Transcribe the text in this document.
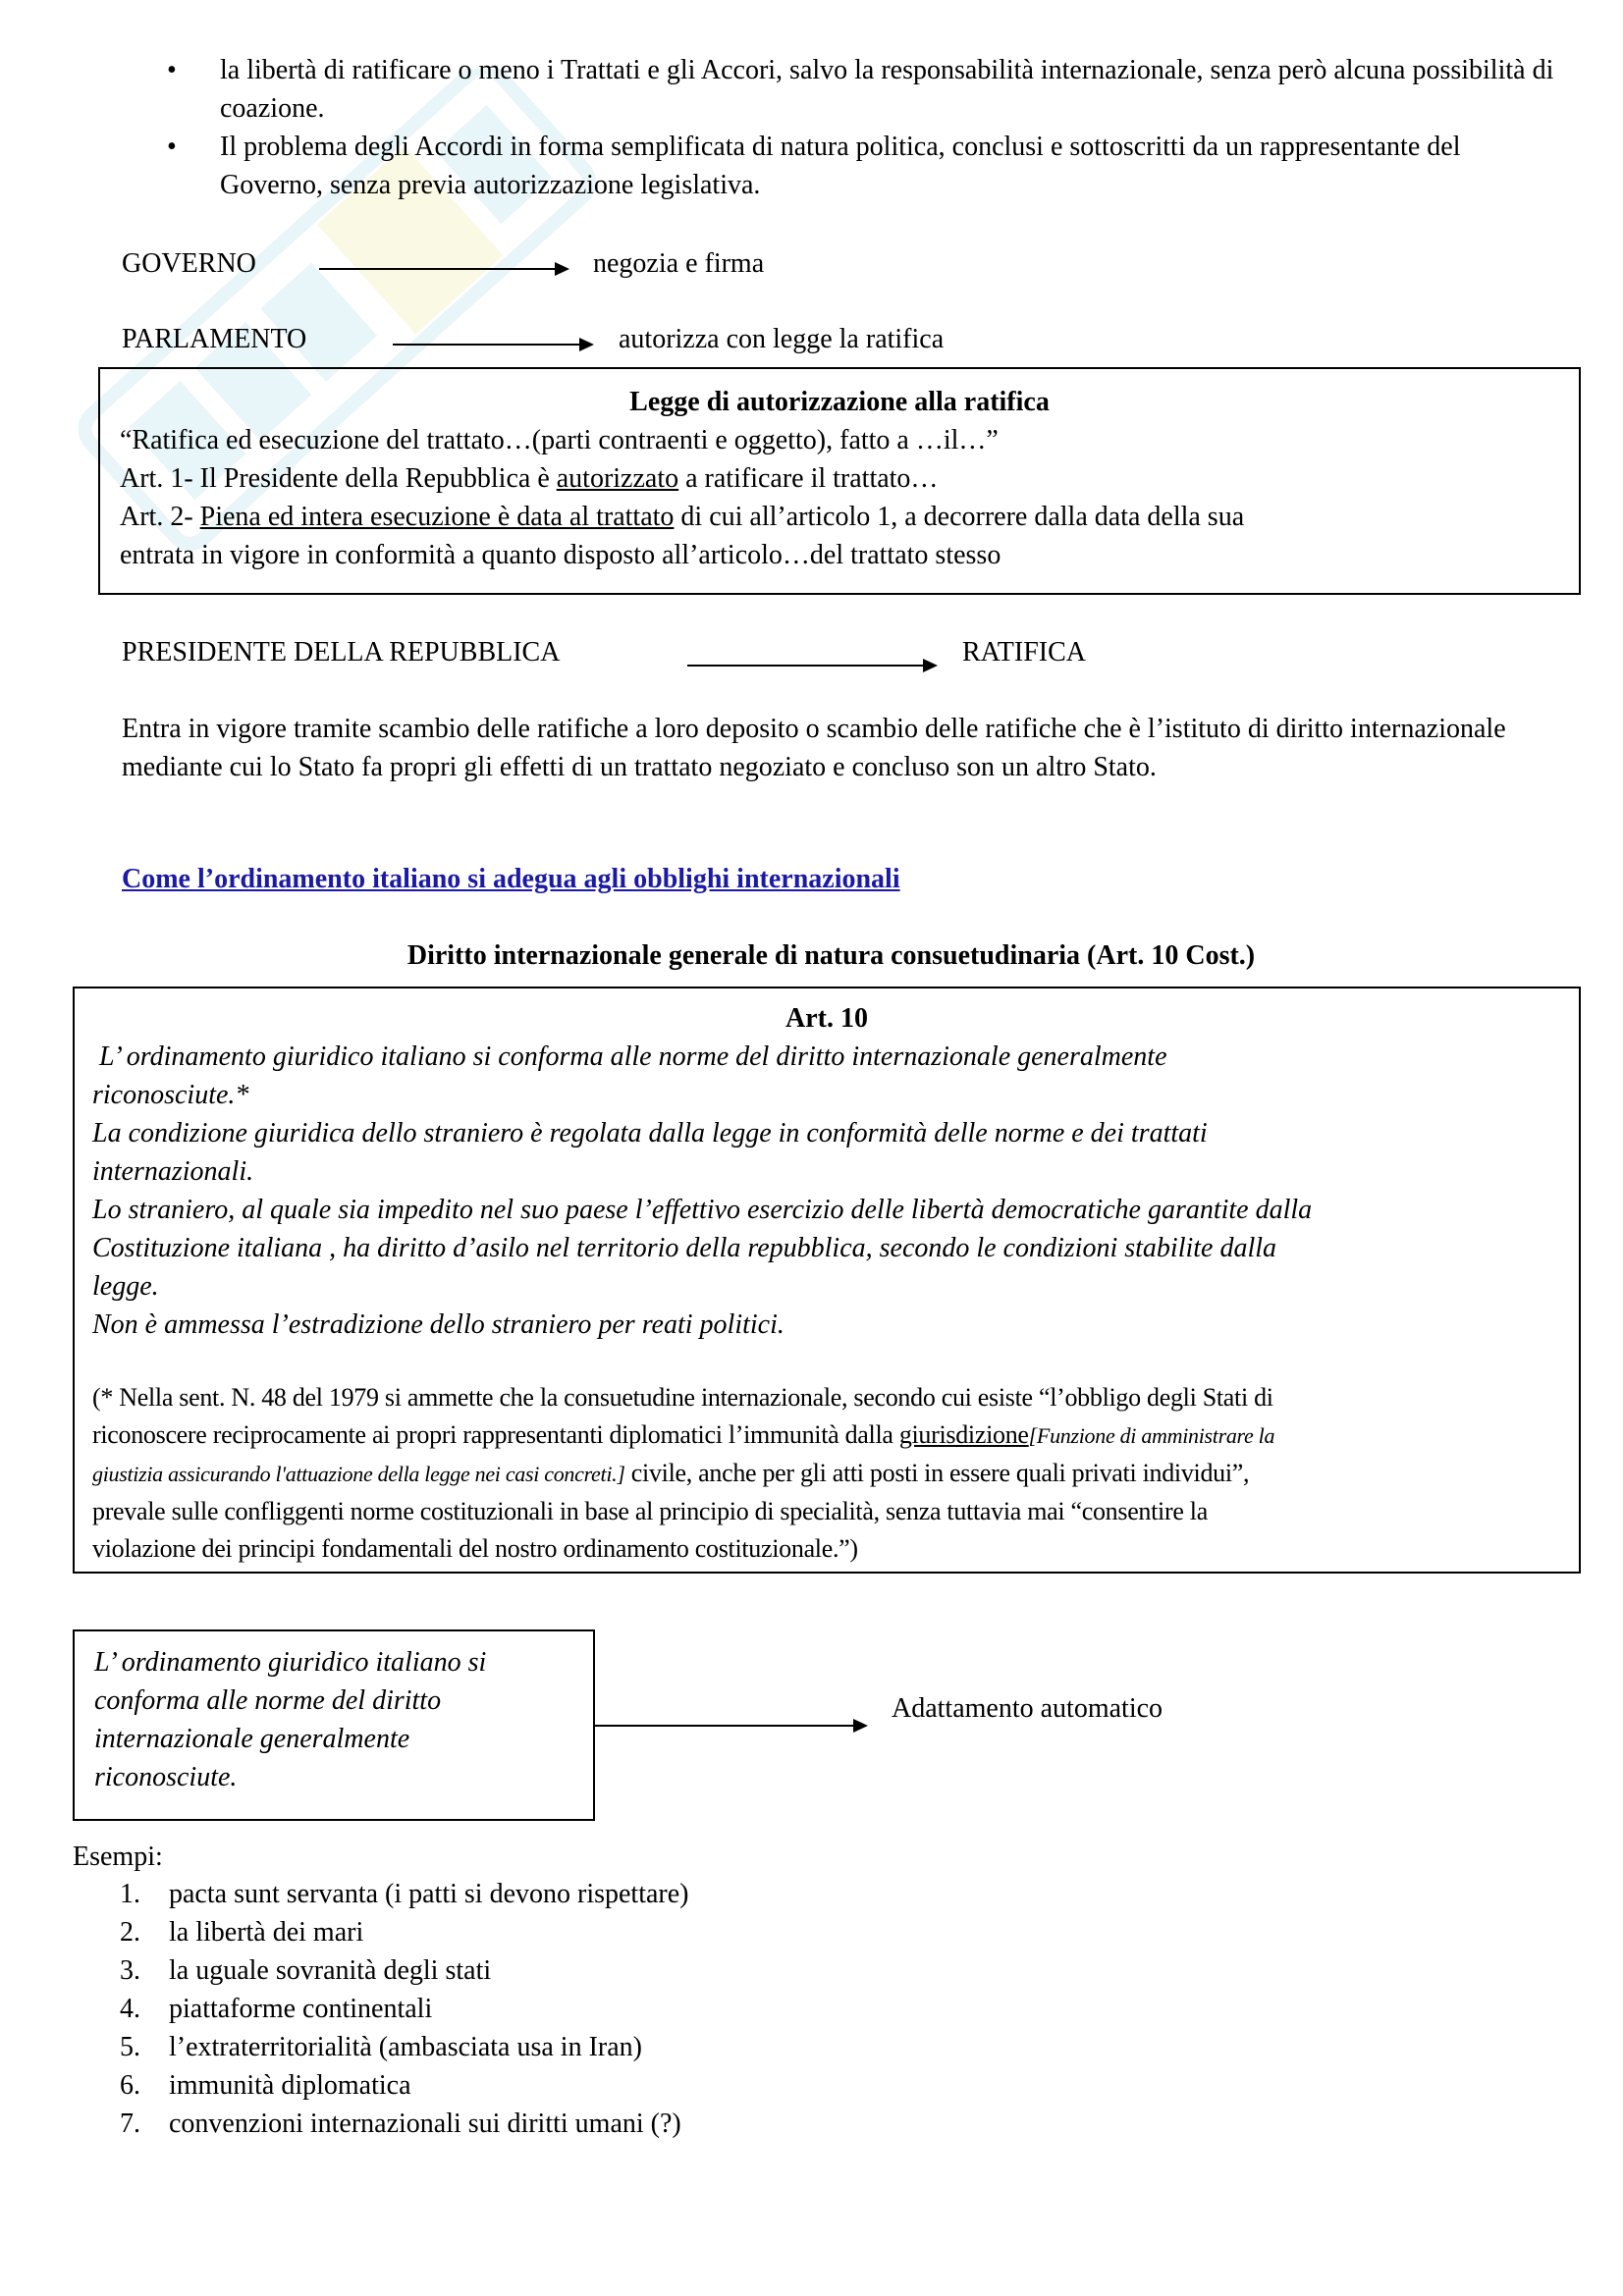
• la libertà di ratificare o meno i Trattati e gli Accori, salvo la responsabilità internazionale, senza però alcuna possibilità di coazione.
• Il problema degli Accordi in forma semplificata di natura politica, conclusi e sottoscritti da un rappresentante del Governo, senza previa autorizzazione legislativa.
GOVERNO	negozia e firma
PARLAMENTO	autorizza con legge la ratifica
Legge di autorizzazione alla ratifica
“Ratifica ed esecuzione del trattato…(parti contraenti e oggetto), fatto a …il…”
Art. 1- Il Presidente della Repubblica è autorizzato a ratificare il trattato…
Art. 2- Piena ed intera esecuzione è data al trattato di cui all’articolo 1, a decorrere dalla data della sua
entrata in vigore in conformità a quanto disposto all’articolo…del trattato stesso
PRESIDENTE DELLA REPUBBLICA	RATIFICA
Entra in vigore tramite scambio delle ratifiche a loro deposito o scambio delle ratifiche che è l’istituto di diritto internazionale mediante cui lo Stato fa propri gli effetti di un trattato negoziato e concluso son un altro Stato.
Come l’ordinamento italiano si adegua agli obblighi internazionali
Diritto internazionale generale di natura consuetudinaria (Art. 10 Cost.)
Art. 10
L’ ordinamento giuridico italiano si conforma alle norme del diritto internazionale generalmente
riconosciute.*
La condizione giuridica dello straniero è regolata dalla legge in conformità delle norme e dei trattati
internazionali.
Lo straniero, al quale sia impedito nel suo paese l’effettivo esercizio delle libertà democratiche garantite dalla
Costituzione italiana , ha diritto d’asilo nel territorio della repubblica, secondo le condizioni stabilite dalla
legge.
Non è ammessa l’estradizione dello straniero per reati politici.
(* Nella sent. N. 48 del 1979 si ammette che la consuetudine internazionale, secondo cui esiste “l’obbligo degli Stati di
riconoscere reciprocamente ai propri rappresentanti diplomatici l’immunità dalla giurisdizione[Funzione di amministrare la
giustizia assicurando l'attuazione della legge nei casi concreti.] civile, anche per gli atti posti in essere quali privati individui”,
prevale sulle confliggenti norme costituzionali in base al principio di specialità, senza tuttavia mai “consentire la
violazione dei principi fondamentali del nostro ordinamento costituzionale.”)
L’ ordinamento giuridico italiano si
conforma alle norme del diritto
internazionale generalmente
riconosciute.
Adattamento automatico
Esempi:
1.	pacta sunt servanta (i patti si devono rispettare)
2.	la libertà dei mari
3.	la uguale sovranità degli stati
4.	piattaforme continentali
5.	l’extraterritorialità (ambasciata usa in Iran)
6.	immunità diplomatica
7.	convenzioni internazionali sui diritti umani (?)
